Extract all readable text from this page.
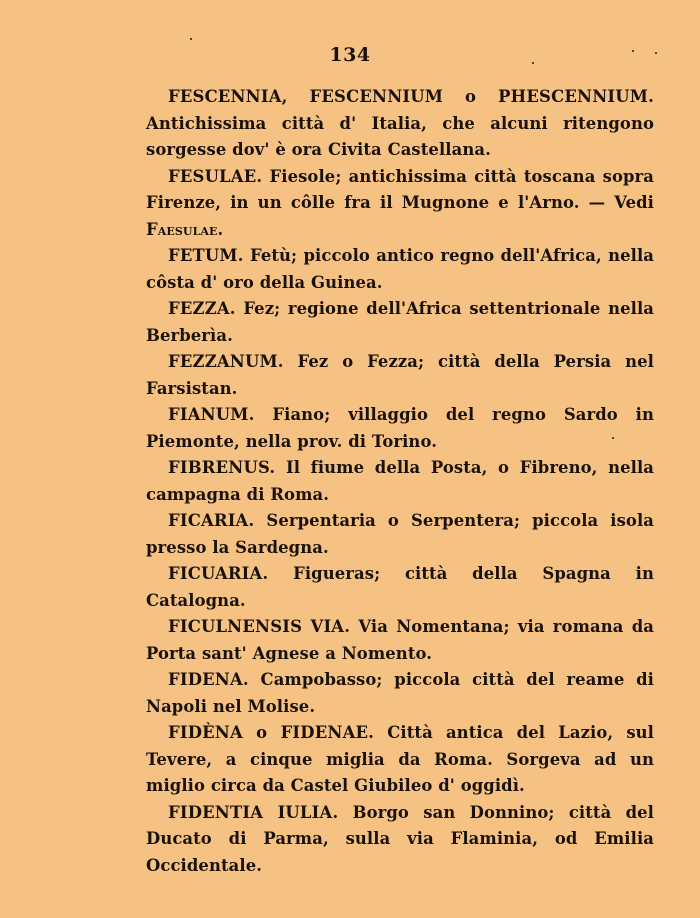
134

FESCENNIA, FESCENNIUM o PHESCENNIUM. Antichissima città d' Italia, che alcuni ritengono sorgesse dov' è ora Civita Castellana.

FESULAE. Fiesole; antichissima città toscana sopra Firenze, in un côlle fra il Mugnone e l'Arno. — Vedi Faesulae.

FETUM. Fetù; piccolo antico regno dell'Africa, nella côsta d' oro della Guinea.

FEZZA. Fez; regione dell'Africa settentrionale nella Berberìa.

FEZZANUM. Fez o Fezza; città della Persia nel Farsistan.

FIANUM. Fiano; villaggio del regno Sardo in Piemonte, nella prov. di Torino.

FIBRENUS. Il fiume della Posta, o Fibreno, nella campagna di Roma.

FICARIA. Serpentaria o Serpentera; piccola isola presso la Sardegna.

FICUARIA. Figueras; città della Spagna in Catalogna.

FICULNENSIS VIA. Via Nomentana; via romana da Porta sant' Agnese a Nomento.

FIDENA. Campobasso; piccola città del reame di Napoli nel Molise.

FIDÈNA o FIDENAE. Città antica del Lazio, sul Tevere, a cinque miglia da Roma. Sorgeva ad un miglio circa da Castel Giubileo d' oggidì.

FIDENTIA IULIA. Borgo san Donnino; città del Ducato di Parma, sulla via Flaminia, od Emilia Occidentale.
